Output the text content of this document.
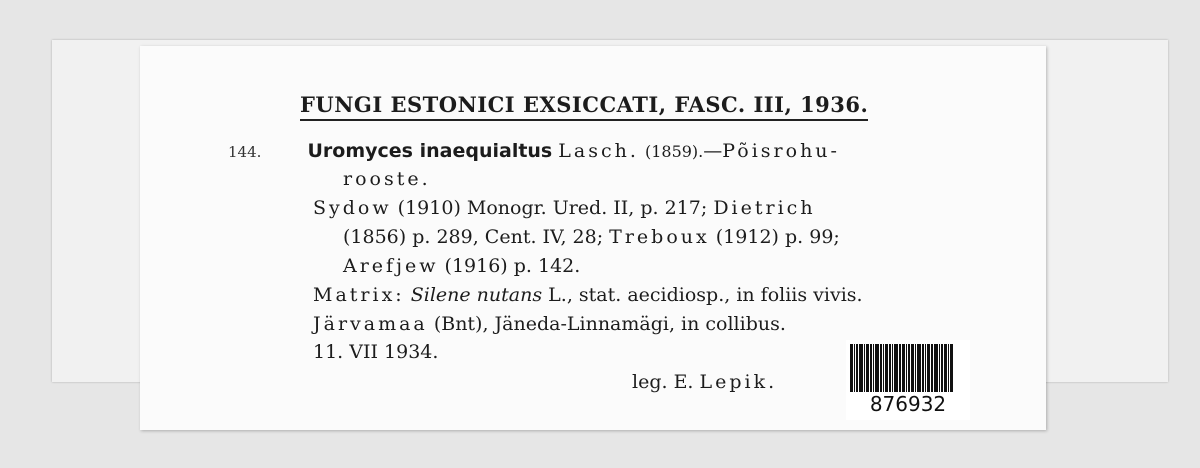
FUNGI ESTONICI EXSICCATI, FASC. III, 1936.
144. Uromyces inaequialtus Lasch. (1859).—Põisrohu-
rooste.
Sydow (1910) Monogr. Ured. II, p. 217; Dietrich
(1856) p. 289, Cent. IV, 28; Treboux (1912) p. 99;
Arefjew (1916) p. 142.
Matrix: Silene nutans L., stat. aecidiosp., in foliis vivis.
Järvamaa (Bnt), Jäneda-Linnamägi, in collibus.
11. VII 1934.
leg. E. Lepik.
876932
